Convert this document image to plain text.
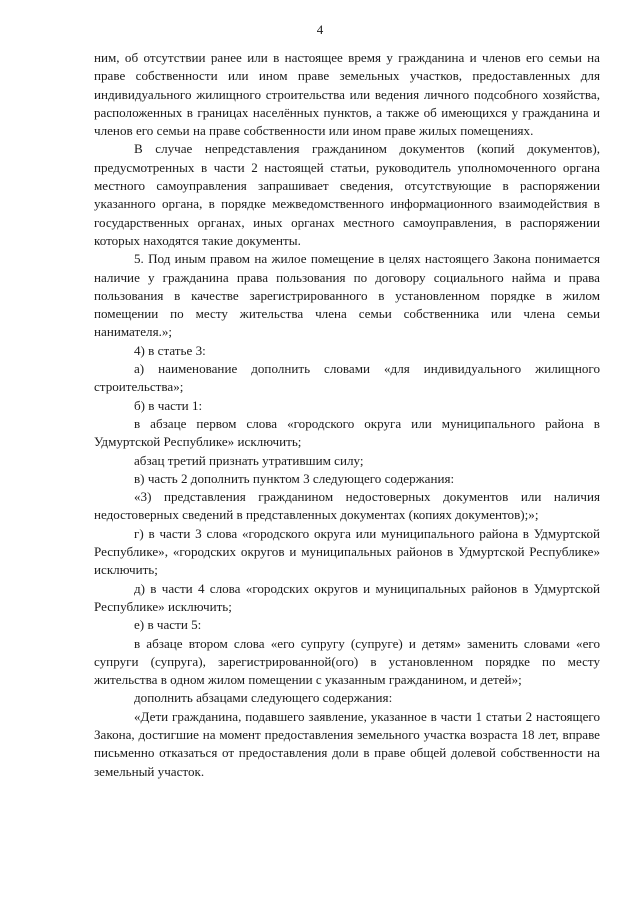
4

ним, об отсутствии ранее или в настоящее время у гражданина и членов его семьи на праве собственности или ином праве земельных участков, предоставленных для индивидуального жилищного строительства или ведения личного подсобного хозяйства, расположенных в границах населённых пунктов, а также об имеющихся у гражданина и членов его семьи на праве собственности или ином праве жилых помещениях.

В случае непредставления гражданином документов (копий документов), предусмотренных в части 2 настоящей статьи, руководитель уполномоченного органа местного самоуправления запрашивает сведения, отсутствующие в распоряжении указанного органа, в порядке межведомственного информационного взаимодействия в государственных органах, иных органах местного самоуправления, в распоряжении которых находятся такие документы.

5. Под иным правом на жилое помещение в целях настоящего Закона понимается наличие у гражданина права пользования по договору социального найма и права пользования в качестве зарегистрированного в установленном порядке в жилом помещении по месту жительства члена семьи собственника или члена семьи нанимателя.»;

4) в статье 3:

а) наименование дополнить словами «для индивидуального жилищного строительства»;

б) в части 1:

в абзаце первом слова «городского округа или муниципального района в Удмуртской Республике» исключить;

абзац третий признать утратившим силу;

в) часть 2 дополнить пунктом 3 следующего содержания:

«3) представления гражданином недостоверных документов или наличия недостоверных сведений в представленных документах (копиях документов);»;

г) в части 3 слова «городского округа или муниципального района в Удмуртской Республике», «городских округов и муниципальных районов в Удмуртской Республике» исключить;

д) в части 4 слова «городских округов и муниципальных районов в Удмуртской Республике» исключить;

е) в части 5:

в абзаце втором слова «его супругу (супруге) и детям» заменить словами «его супруги (супруга), зарегистрированной(ого) в установленном порядке по месту жительства в одном жилом помещении с указанным гражданином, и детей»;

дополнить абзацами следующего содержания:

«Дети гражданина, подавшего заявление, указанное в части 1 статьи 2 настоящего Закона, достигшие на момент предоставления земельного участка возраста 18 лет, вправе письменно отказаться от предоставления доли в праве общей долевой собственности на земельный участок.
